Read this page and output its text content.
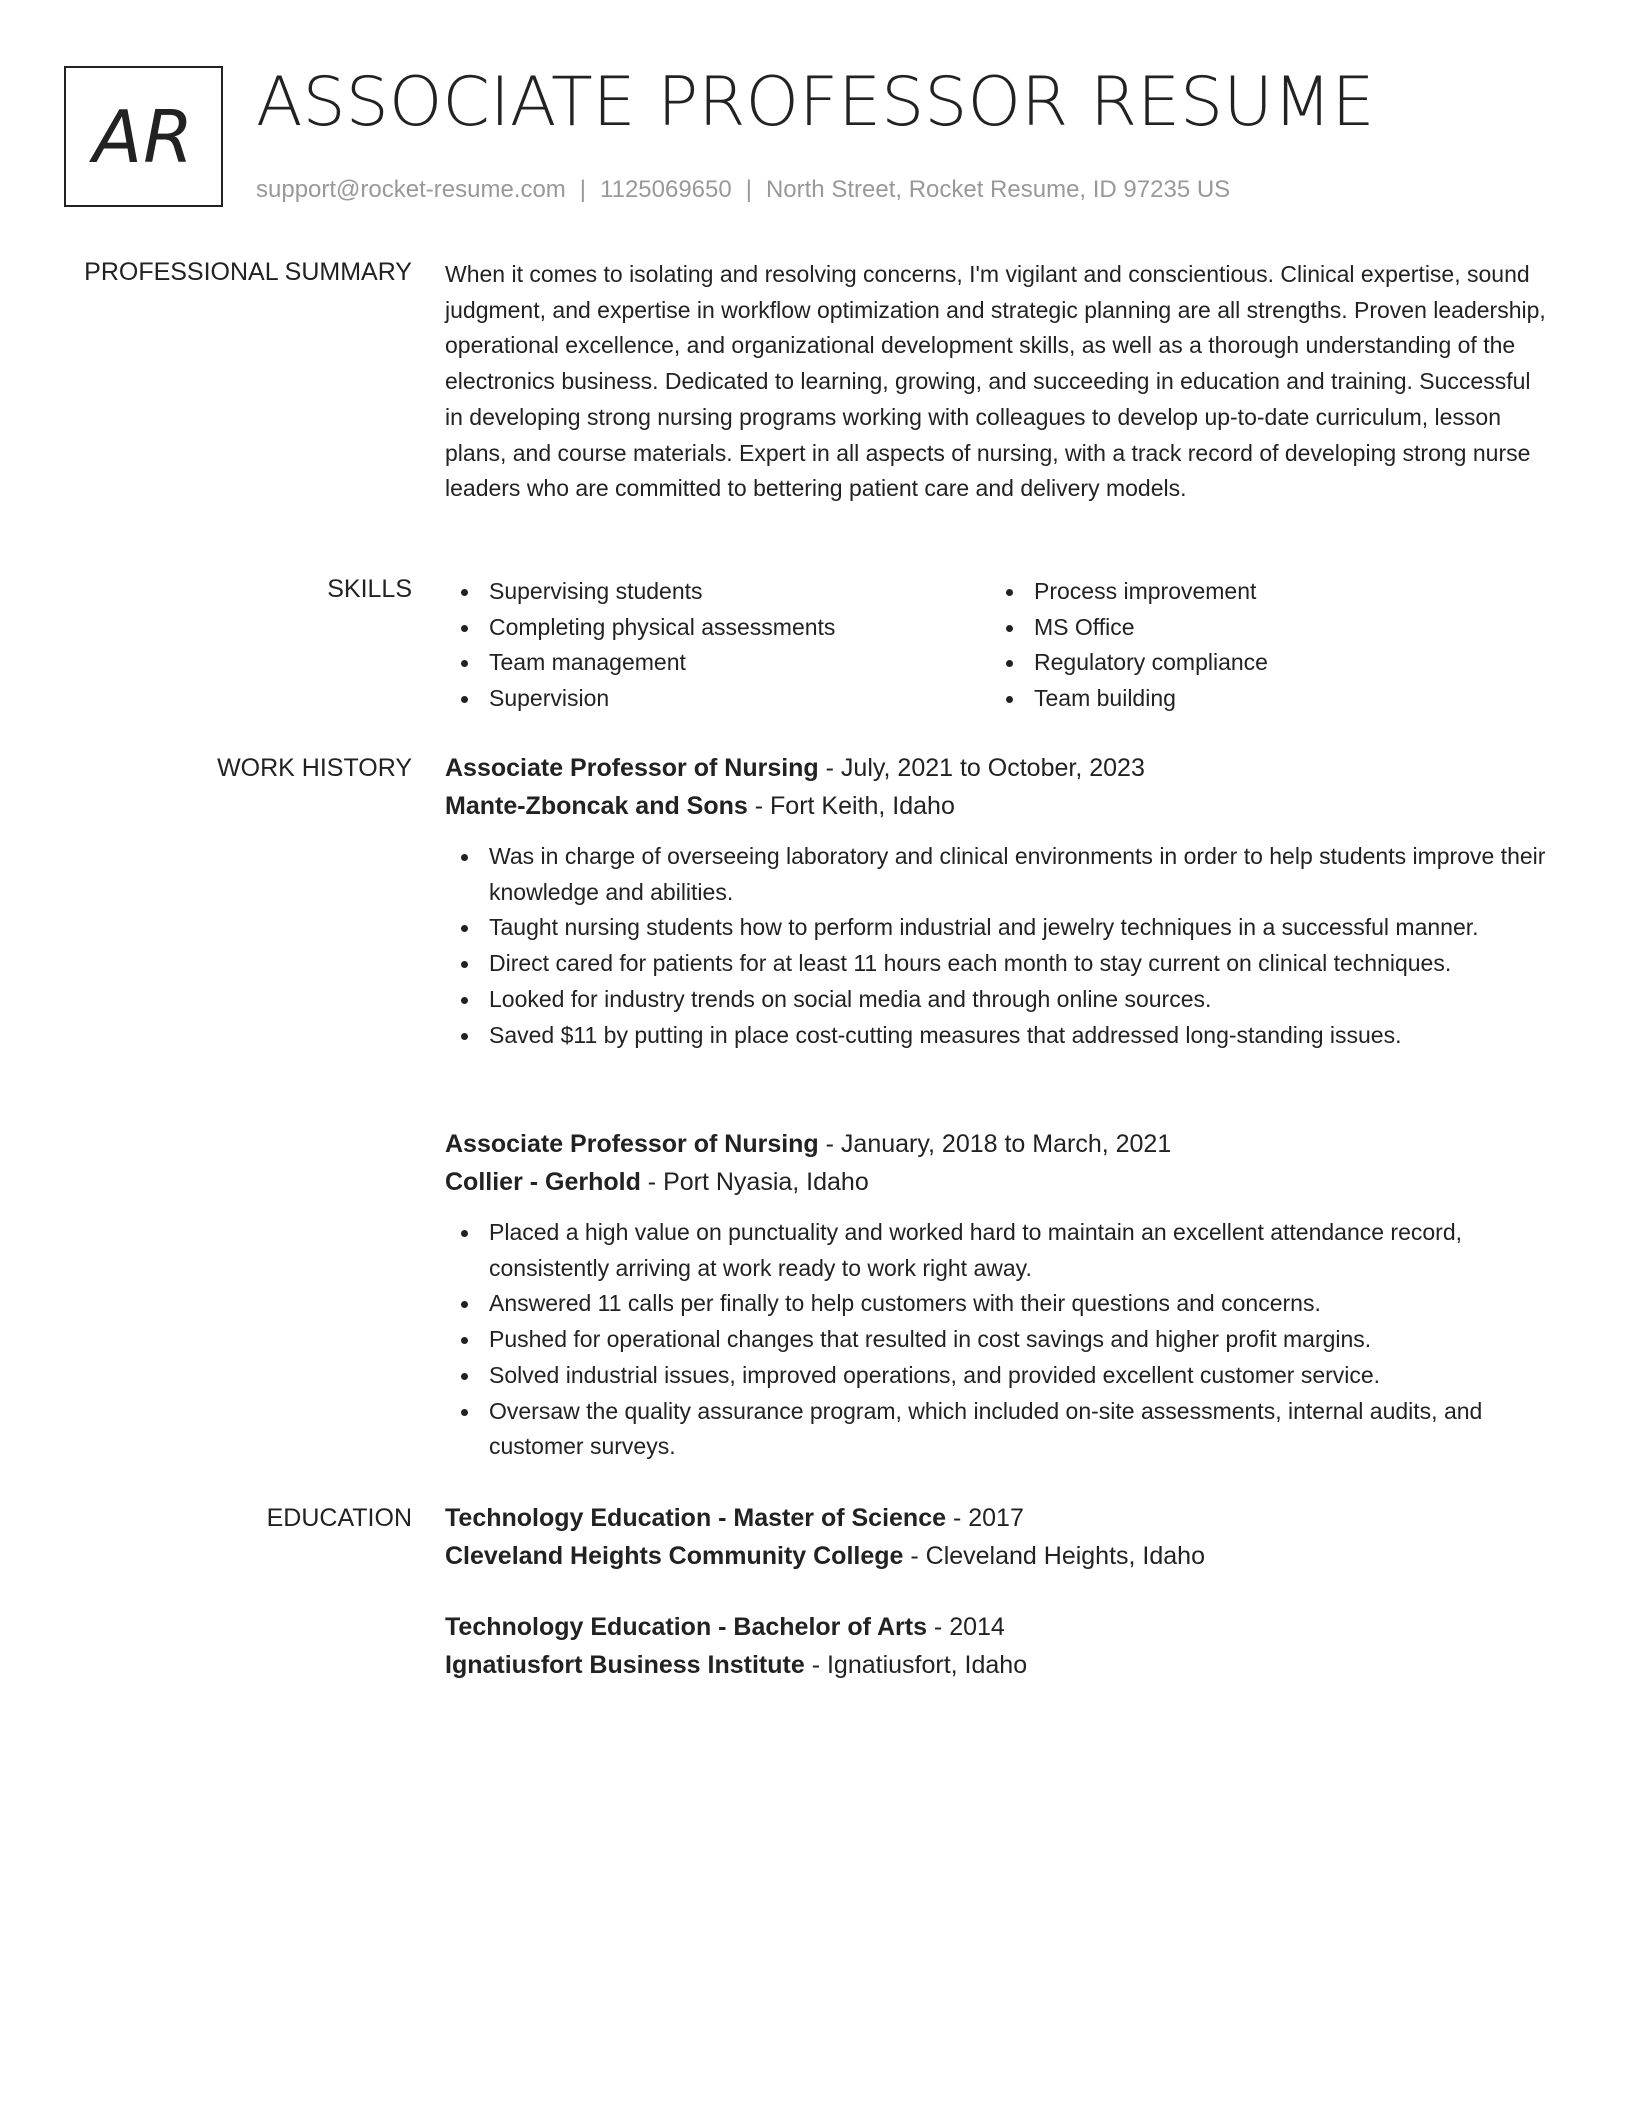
AR ASSOCIATE PROFESSOR RESUME
support@rocket-resume.com | 1125069650 | North Street, Rocket Resume, ID 97235 US
PROFESSIONAL SUMMARY When it comes to isolating and resolving concerns, I'm vigilant and conscientious. Clinical expertise, sound judgment, and expertise in workflow optimization and strategic planning are all strengths. Proven leadership, operational excellence, and organizational development skills, as well as a thorough understanding of the electronics business. Dedicated to learning, growing, and succeeding in education and training. Successful in developing strong nursing programs working with colleagues to develop up-to-date curriculum, lesson plans, and course materials. Expert in all aspects of nursing, with a track record of developing strong nurse leaders who are committed to bettering patient care and delivery models.

SKILLS	Supervising students
Completing physical assessments
Team management
Supervision
Process improvement
MS Office
Regulatory compliance
Team building
WORK HISTORY Associate Professor of Nursing - July, 2021 to October, 2023
Mante-Zboncak and Sons - Fort Keith, Idaho
Was in charge of overseeing laboratory and clinical environments in order to help students improve their knowledge and abilities.
Taught nursing students how to perform industrial and jewelry techniques in a successful manner.
Direct cared for patients for at least 11 hours each month to stay current on clinical techniques.
Looked for industry trends on social media and through online sources.
Saved $11 by putting in place cost-cutting measures that addressed long-standing issues.
Associate Professor of Nursing - January, 2018 to March, 2021
Collier - Gerhold - Port Nyasia, Idaho
Placed a high value on punctuality and worked hard to maintain an excellent attendance record, consistently arriving at work ready to work right away.
Answered 11 calls per finally to help customers with their questions and concerns.
Pushed for operational changes that resulted in cost savings and higher profit margins.
Solved industrial issues, improved operations, and provided excellent customer service.
Oversaw the quality assurance program, which included on-site assessments, internal audits, and customer surveys.
EDUCATION Technology Education - Master of Science - 2017
Cleveland Heights Community College - Cleveland Heights, Idaho
Technology Education - Bachelor of Arts - 2014
Ignatiusfort Business Institute - Ignatiusfort, Idaho
